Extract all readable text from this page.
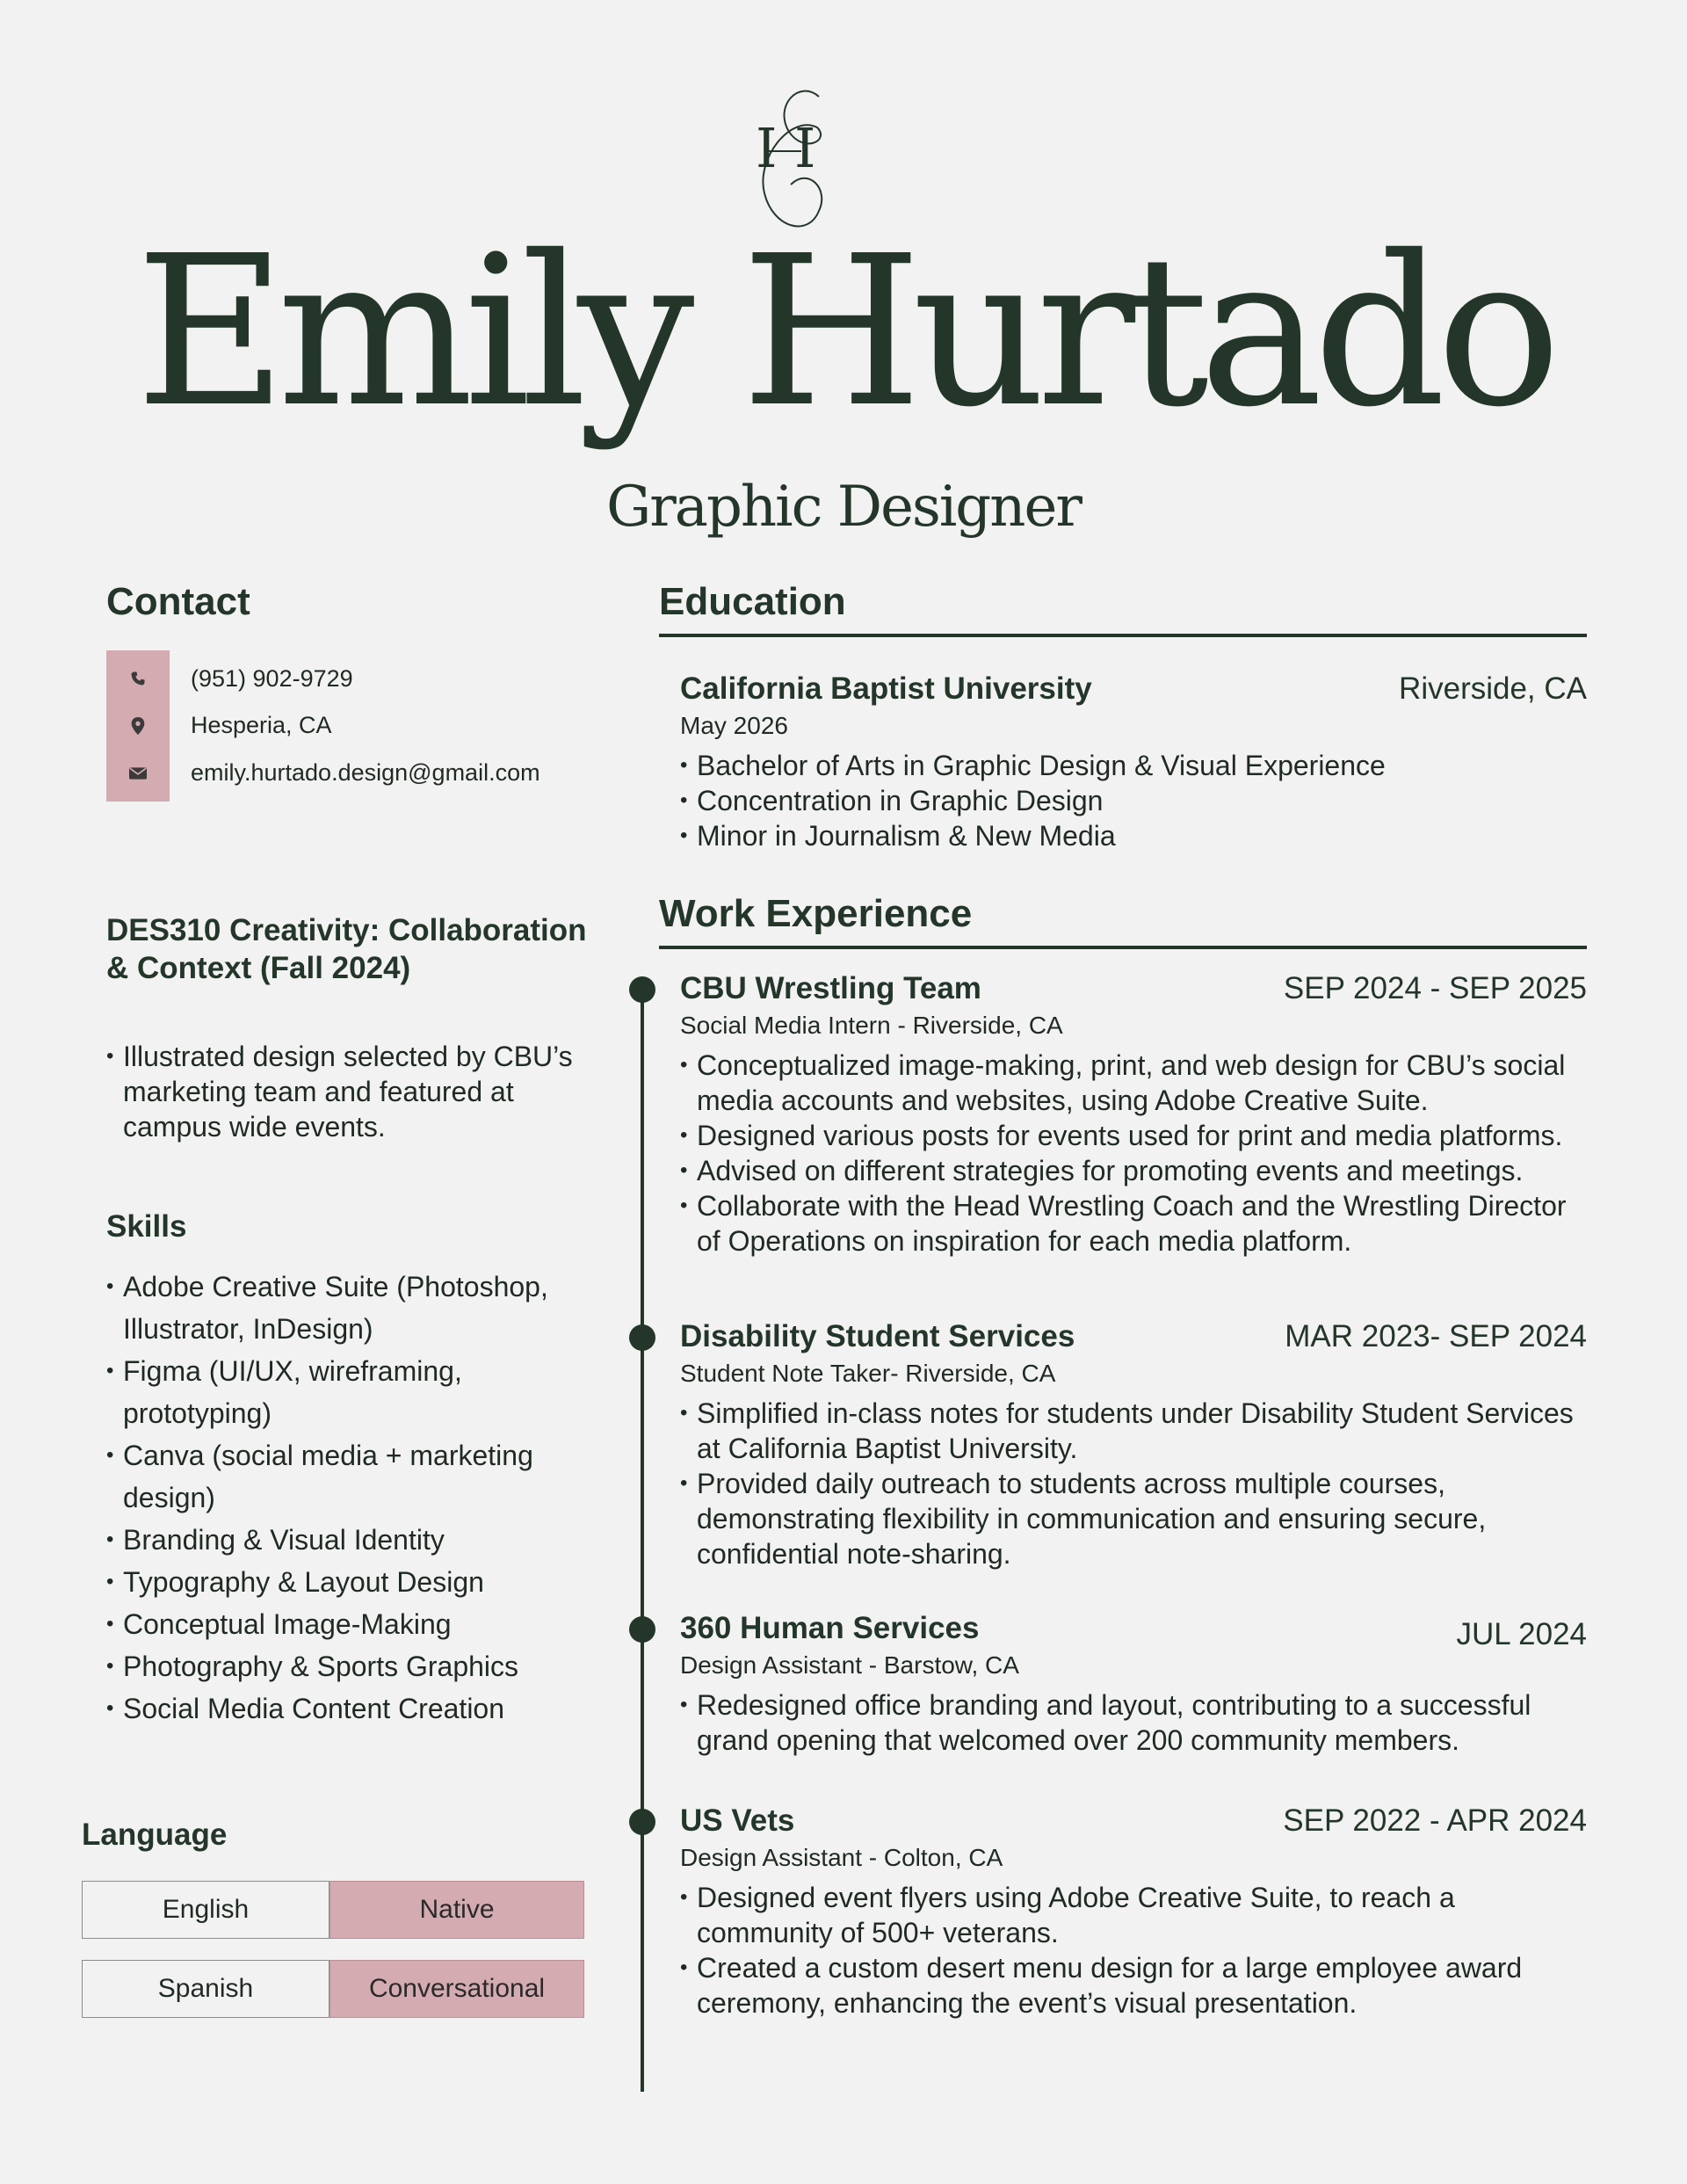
I I
Emily Hurtado
Graphic Designer
Contact
(951) 902-9729
Hesperia, CA
emily.hurtado.design@gmail.com
DES310 Creativity: Collaboration & Context (Fall 2024)
• Illustrated design selected by CBU’s marketing team and featured at campus wide events.
Skills
• Adobe Creative Suite (Photoshop, Illustrator, InDesign)
• Figma (UI/UX, wireframing, prototyping)
• Canva (social media + marketing design)
• Branding & Visual Identity
• Typography & Layout Design
• Conceptual Image-Making
• Photography & Sports Graphics
• Social Media Content Creation
Language
English	Native
Spanish	Conversational
Education
California Baptist University	Riverside, CA
May 2026
• Bachelor of Arts in Graphic Design & Visual Experience
• Concentration in Graphic Design
• Minor in Journalism & New Media
Work Experience
CBU Wrestling Team	SEP 2024 - SEP 2025
Social Media Intern - Riverside, CA
• Conceptualized image-making, print, and web design for CBU’s social media accounts and websites, using Adobe Creative Suite.
• Designed various posts for events used for print and media platforms.
• Advised on different strategies for promoting events and meetings.
• Collaborate with the Head Wrestling Coach and the Wrestling Director of Operations on inspiration for each media platform.
Disability Student Services	MAR 2023- SEP 2024
Student Note Taker- Riverside, CA
• Simplified in-class notes for students under Disability Student Services at California Baptist University.
• Provided daily outreach to students across multiple courses, demonstrating flexibility in communication and ensuring secure, confidential note-sharing.
360 Human Services	JUL 2024
Design Assistant - Barstow, CA
• Redesigned office branding and layout, contributing to a successful grand opening that welcomed over 200 community members.
US Vets	SEP 2022 - APR 2024
Design Assistant - Colton, CA
• Designed event flyers using Adobe Creative Suite, to reach a community of 500+ veterans.
• Created a custom desert menu design for a large employee award ceremony, enhancing the event’s visual presentation.
